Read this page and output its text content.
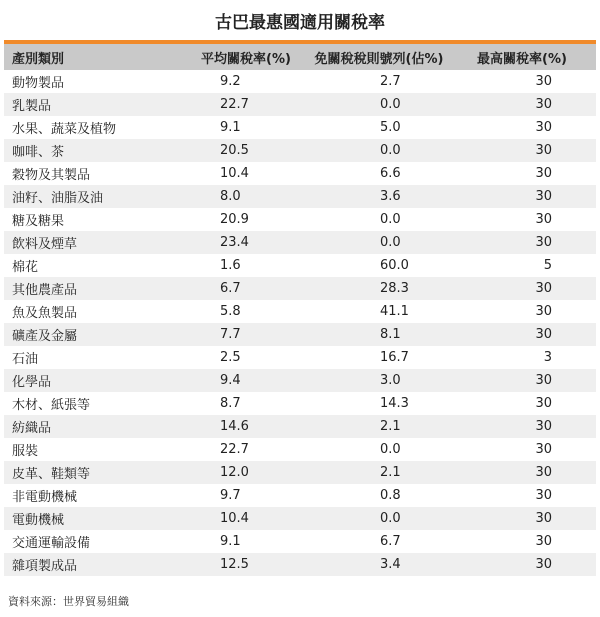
古巴最惠國適用關稅率
產別類別	平均關稅率(%)	免關稅稅則號列(佔%)	最高關稅率(%)
動物製品	9.2	2.7	30
乳製品	22.7	0.0	30
水果、蔬菜及植物	9.1	5.0	30
咖啡、茶	20.5	0.0	30
穀物及其製品	10.4	6.6	30
油籽、油脂及油	8.0	3.6	30
糖及糖果	20.9	0.0	30
飲料及煙草	23.4	0.0	30
棉花	1.6	60.0	5
其他農產品	6.7	28.3	30
魚及魚製品	5.8	41.1	30
礦產及金屬	7.7	8.1	30
石油	2.5	16.7	3
化學品	9.4	3.0	30
木材、紙張等	8.7	14.3	30
紡織品	14.6	2.1	30
服裝	22.7	0.0	30
皮革、鞋類等	12.0	2.1	30
非電動機械	9.7	0.8	30
電動機械	10.4	0.0	30
交通運輸設備	9.1	6.7	30
雜項製成品	12.5	3.4	30
資料來源：世界貿易組織
